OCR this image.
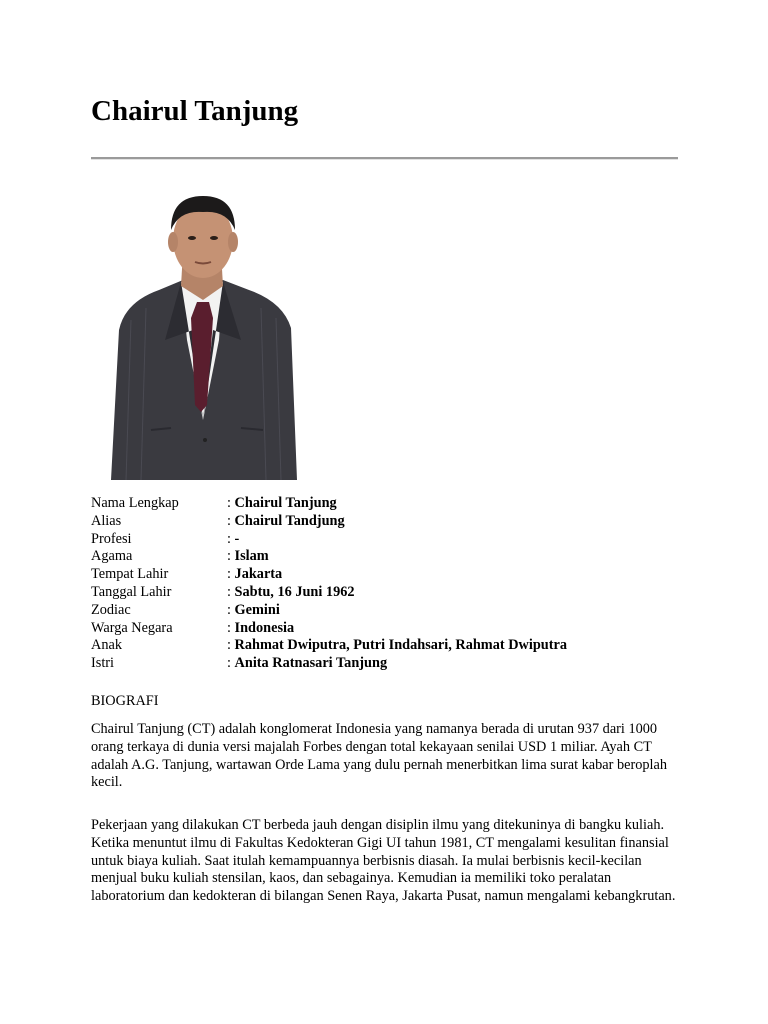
Chairul Tanjung
Nama Lengkap	: Chairul Tanjung
Alias	: Chairul Tandjung
Profesi	: -
Agama	: Islam
Tempat Lahir	: Jakarta
Tanggal Lahir	: Sabtu, 16 Juni 1962
Zodiac	: Gemini
Warga Negara	: Indonesia
Anak	: Rahmat Dwiputra, Putri Indahsari, Rahmat Dwiputra
Istri	: Anita Ratnasari Tanjung
BIOGRAFI

Chairul Tanjung (CT) adalah konglomerat Indonesia yang namanya berada di urutan 937 dari 1000 orang terkaya di dunia versi majalah Forbes dengan total kekayaan senilai USD 1 miliar. Ayah CT adalah A.G. Tanjung, wartawan Orde Lama yang dulu pernah menerbitkan lima surat kabar beroplah kecil.

Pekerjaan yang dilakukan CT berbeda jauh dengan disiplin ilmu yang ditekuninya di bangku kuliah. Ketika menuntut ilmu di Fakultas Kedokteran Gigi UI tahun 1981, CT mengalami kesulitan finansial untuk biaya kuliah. Saat itulah kemampuannya berbisnis diasah. Ia mulai berbisnis kecil-kecilan menjual buku kuliah stensilan, kaos, dan sebagainya. Kemudian ia memiliki toko peralatan laboratorium dan kedokteran di bilangan Senen Raya, Jakarta Pusat, namun mengalami kebangkrutan.
